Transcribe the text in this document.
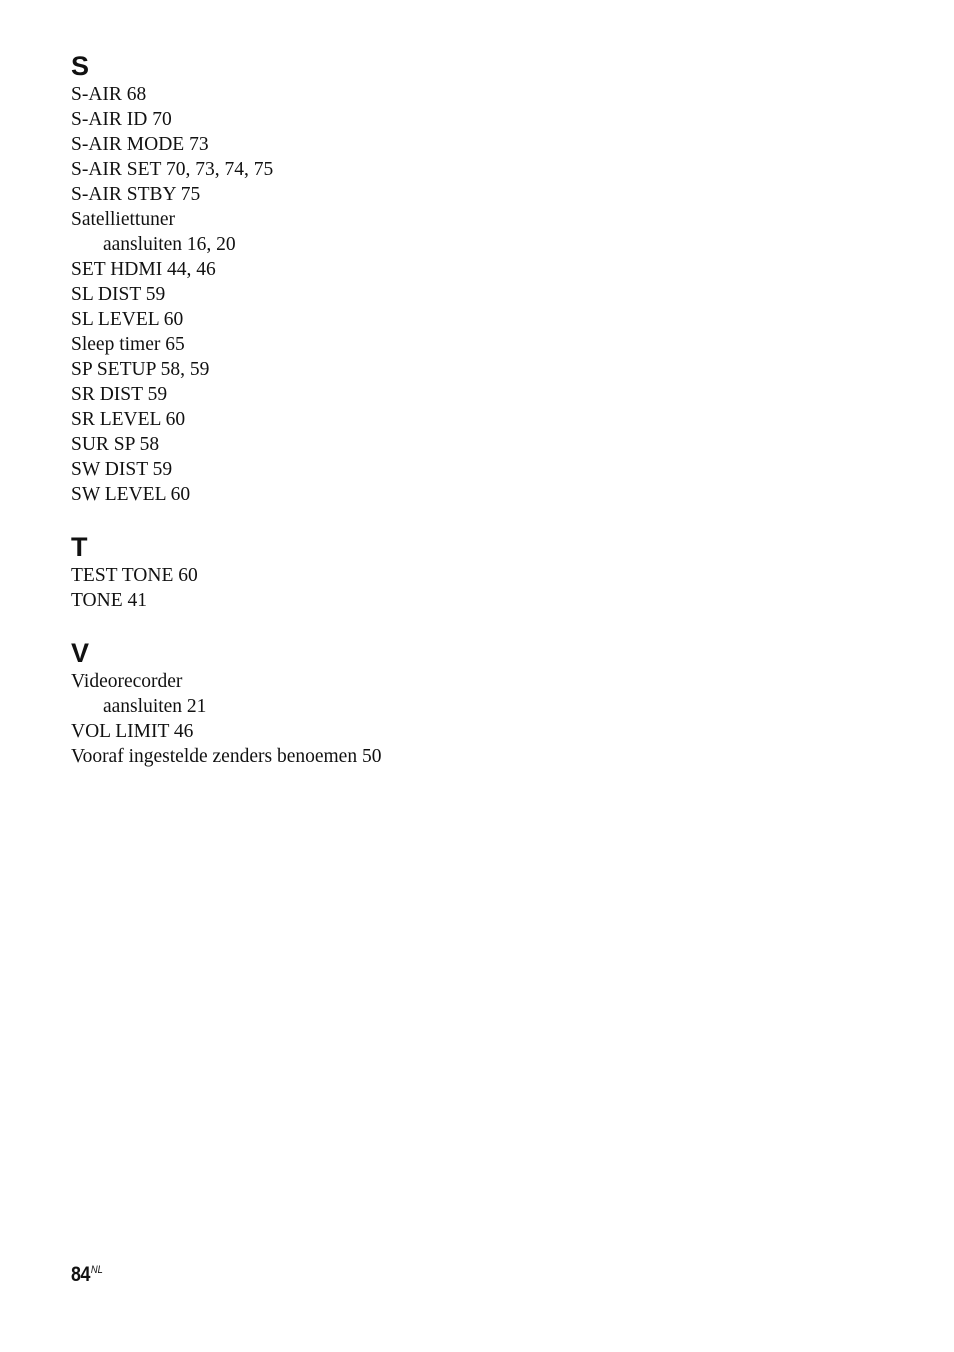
S
S-AIR 68
S-AIR ID 70
S-AIR MODE 73
S-AIR SET 70, 73, 74, 75
S-AIR STBY 75
Satelliettuner
aansluiten 16, 20
SET HDMI 44, 46
SL DIST 59
SL LEVEL 60
Sleep timer 65
SP SETUP 58, 59
SR DIST 59
SR LEVEL 60
SUR SP 58
SW DIST 59
SW LEVEL 60
T
TEST TONE 60
TONE 41
V
Videorecorder
aansluiten 21
VOL LIMIT 46
Vooraf ingestelde zenders benoemen 50
$84^{NL}$
